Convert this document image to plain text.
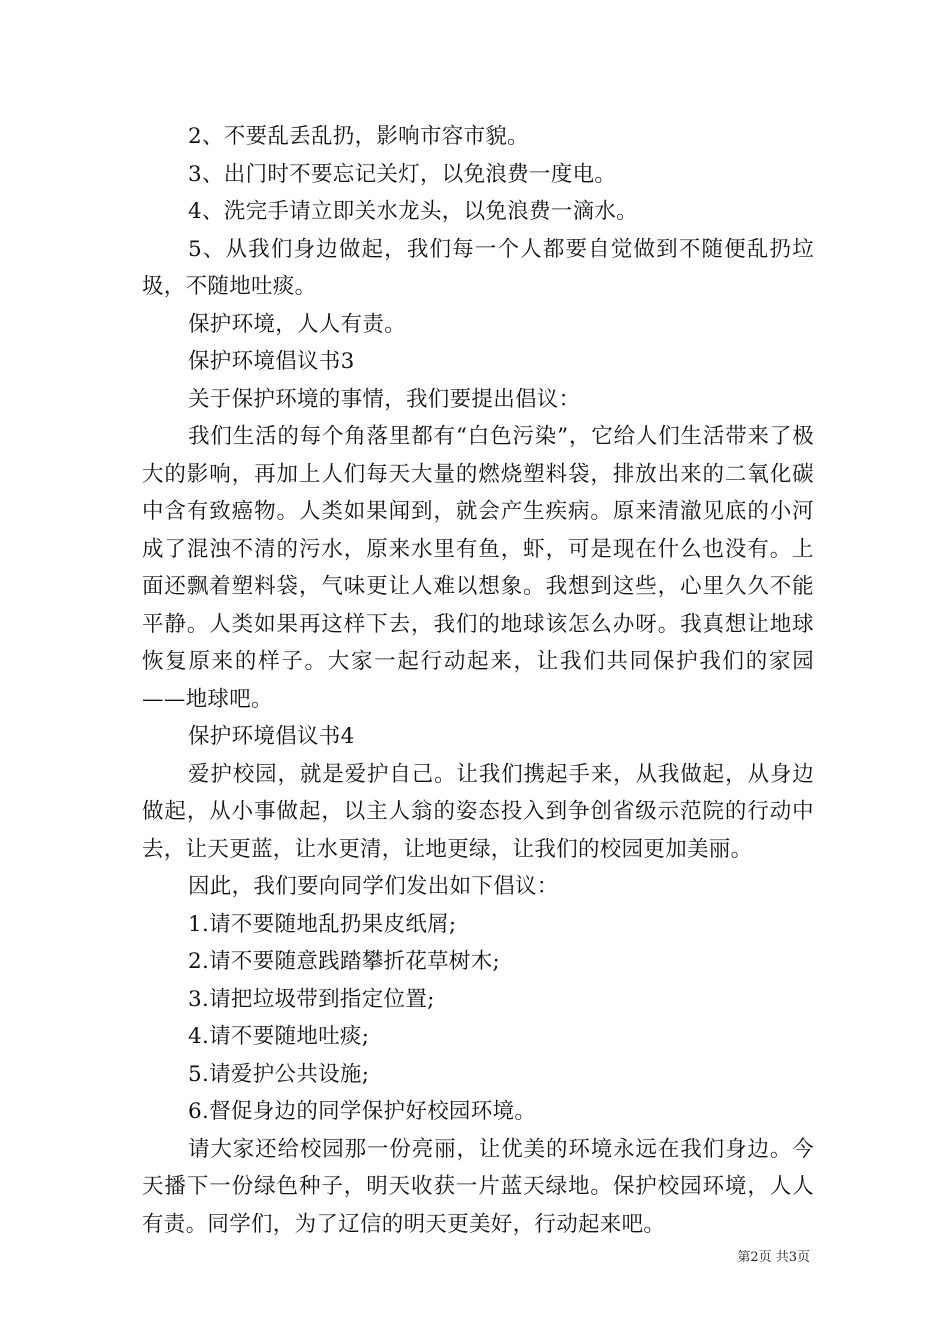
2、不要乱丢乱扔，影响市容市貌。

3、出门时不要忘记关灯，以免浪费一度电。

4、洗完手请立即关水龙头，以免浪费一滴水。

5、从我们身边做起，我们每一个人都要自觉做到不随便乱扔垃圾，不随地吐痰。

保护环境，人人有责。

保护环境倡议书3

关于保护环境的事情，我们要提出倡议：

我们生活的每个角落里都有“白色污染”，它给人们生活带来了极大的影响，再加上人们每天大量的燃烧塑料袋，排放出来的二氧化碳中含有致癌物。人类如果闻到，就会产生疾病。原来清澈见底的小河成了混浊不清的污水，原来水里有鱼，虾，可是现在什么也没有。上面还飘着塑料袋，气味更让人难以想象。我想到这些，心里久久不能平静。人类如果再这样下去，我们的地球该怎么办呀。我真想让地球恢复原来的样子。大家一起行动起来，让我们共同保护我们的家园——地球吧。

保护环境倡议书4

爱护校园，就是爱护自己。让我们携起手来，从我做起，从身边做起，从小事做起，以主人翁的姿态投入到争创省级示范院的行动中去，让天更蓝，让水更清，让地更绿，让我们的校园更加美丽。

因此，我们要向同学们发出如下倡议：

1.请不要随地乱扔果皮纸屑;

2.请不要随意践踏攀折花草树木;

3.请把垃圾带到指定位置;

4.请不要随地吐痰;

5.请爱护公共设施;

6.督促身边的同学保护好校园环境。

请大家还给校园那一份亮丽，让优美的环境永远在我们身边。今天播下一份绿色种子，明天收获一片蓝天绿地。保护校园环境，人人有责。同学们，为了辽信的明天更美好，行动起来吧。

第2页 共3页
